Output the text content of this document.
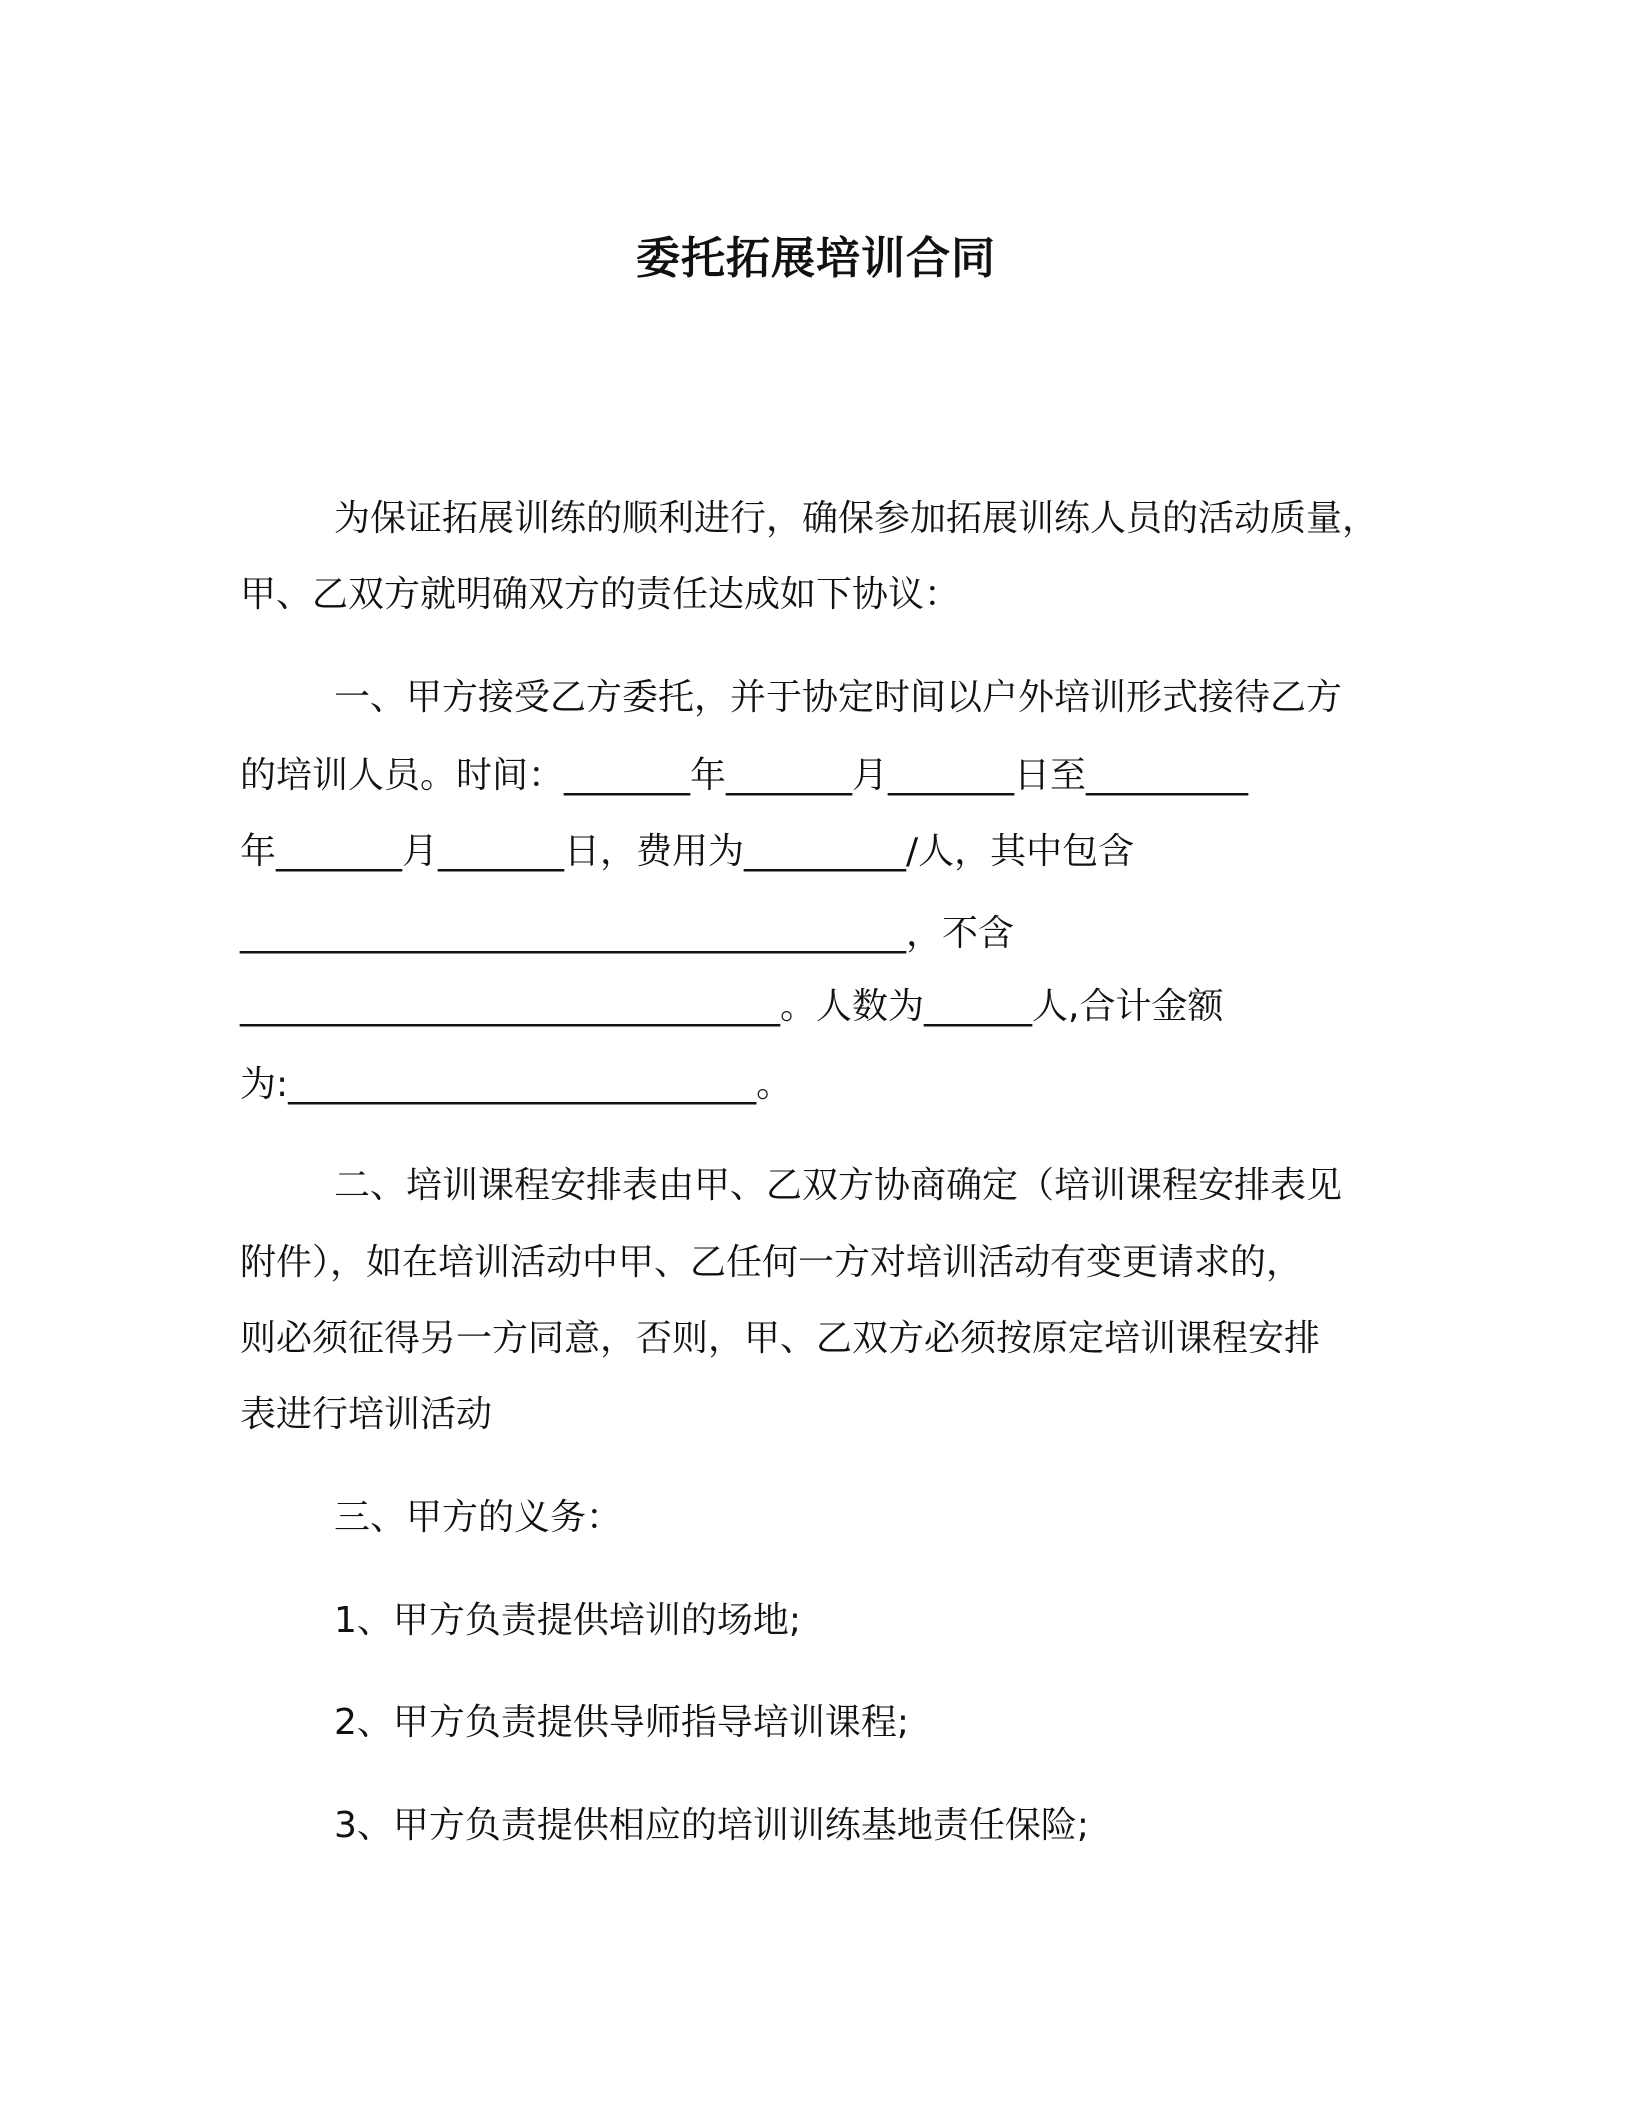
委托拓展培训合同
为保证拓展训练的顺利进行，确保参加拓展训练人员的活动质量，
甲、乙双方就明确双方的责任达成如下协议：
一、甲方接受乙方委托，并于协定时间以户外培训形式接待乙方
的培训人员。时间：_______年_______月_______日至_________
年_______月_______日，费用为_________/人，其中包含
_____________________________________，不含
______________________________。人数为______人,合计金额
为:__________________________。
二、培训课程安排表由甲、乙双方协商确定（培训课程安排表见
附件），如在培训活动中甲、乙任何一方对培训活动有变更请求的，
则必须征得另一方同意，否则，甲、乙双方必须按原定培训课程安排
表进行培训活动
三、甲方的义务：
1、甲方负责提供培训的场地;
2、甲方负责提供导师指导培训课程;
3、甲方负责提供相应的培训训练基地责任保险;
